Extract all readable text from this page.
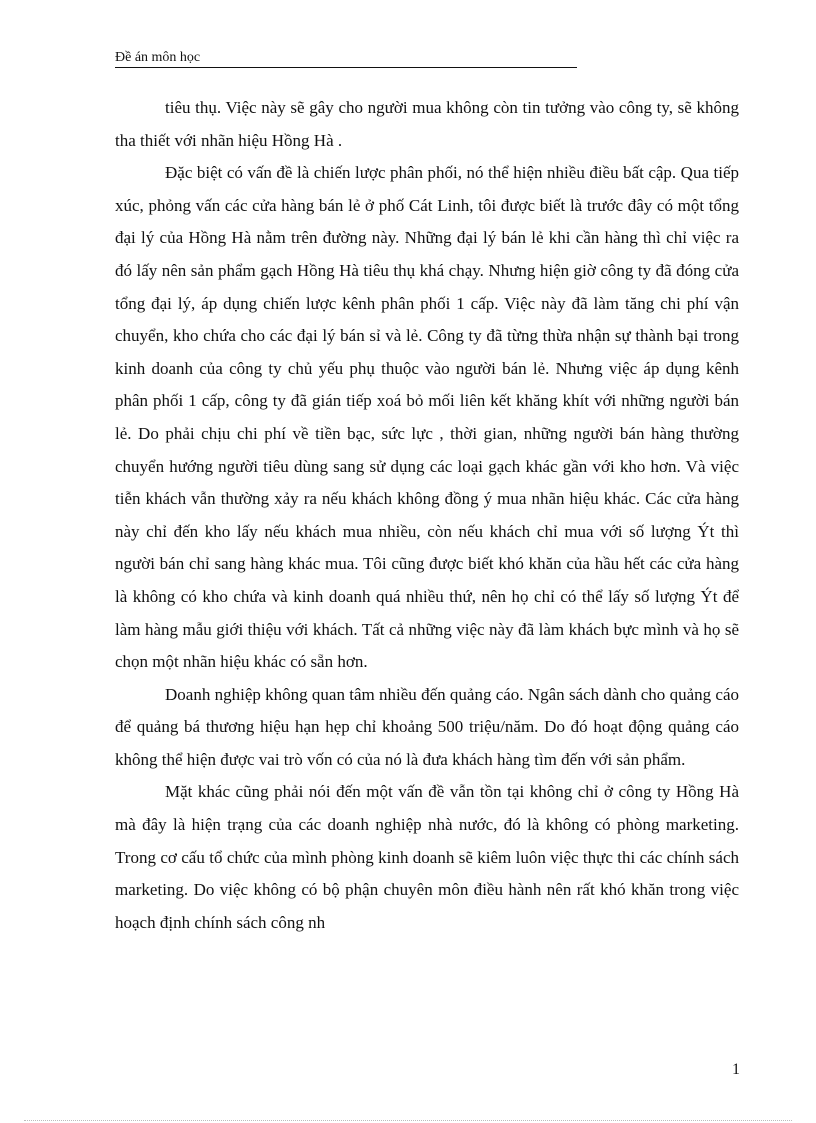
Đề án môn học

tiêu thụ. Việc này sẽ gây cho người mua không còn tin tưởng vào công ty, sẽ không tha thiết với nhãn hiệu Hồng Hà .

Đặc biệt có vấn đề là chiến lược phân phối, nó thể hiện nhiều điều bất cập. Qua tiếp xúc, phỏng vấn các cửa hàng bán lẻ ở phố Cát Linh, tôi được biết là trước đây có một tổng đại lý của Hồng Hà nằm trên đường này. Những đại lý bán lẻ khi cần hàng thì chỉ việc ra đó lấy nên sản phẩm gạch Hồng Hà tiêu thụ khá chạy. Nhưng hiện giờ công ty đã đóng cửa tổng đại lý, áp dụng chiến lược kênh phân phối 1 cấp. Việc này đã làm tăng chi phí vận chuyển, kho chứa cho các đại lý bán sỉ và lẻ. Công ty đã từng thừa nhận sự thành bại trong kinh doanh của công ty chủ yếu phụ thuộc vào người bán lẻ. Nhưng việc áp dụng kênh phân phối 1 cấp, công ty đã gián tiếp xoá bỏ mối liên kết khăng khít với những người bán lẻ. Do phải chịu chi phí về tiền bạc, sức lực , thời gian, những người bán hàng thường chuyển hướng người tiêu dùng sang sử dụng các loại gạch khác gần với kho hơn. Và việc tiễn khách vẫn thường xảy ra nếu khách không đồng ý mua nhãn hiệu khác. Các cửa hàng này chỉ đến kho lấy nếu khách mua nhiều, còn nếu khách chỉ mua với số lượng Ýt thì người bán chỉ sang hàng khác mua. Tôi cũng được biết khó khăn của hầu hết các cửa hàng là không có kho chứa và kinh doanh quá nhiều thứ, nên họ chỉ có thể lấy số lượng Ýt để làm hàng mẫu giới thiệu với khách. Tất cả những việc này đã làm khách bực mình và họ sẽ chọn một nhãn hiệu khác có sẵn hơn.

Doanh nghiệp không quan tâm nhiều đến quảng cáo. Ngân sách dành cho quảng cáo để quảng bá thương hiệu hạn hẹp chỉ khoảng 500 triệu/năm. Do đó hoạt động quảng cáo không thể hiện được vai trò vốn có của nó là đưa khách hàng tìm đến với sản phẩm.

Mặt khác cũng phải nói đến một vấn đề vẫn tồn tại không chỉ ở công ty Hồng Hà mà đây là hiện trạng của các doanh nghiệp nhà nước, đó là không có phòng marketing. Trong cơ cấu tổ chức của mình phòng kinh doanh sẽ kiêm luôn việc thực thi các chính sách marketing. Do việc không có bộ phận chuyên môn điều hành nên rất khó khăn trong việc hoạch định chính sách công nh

1
